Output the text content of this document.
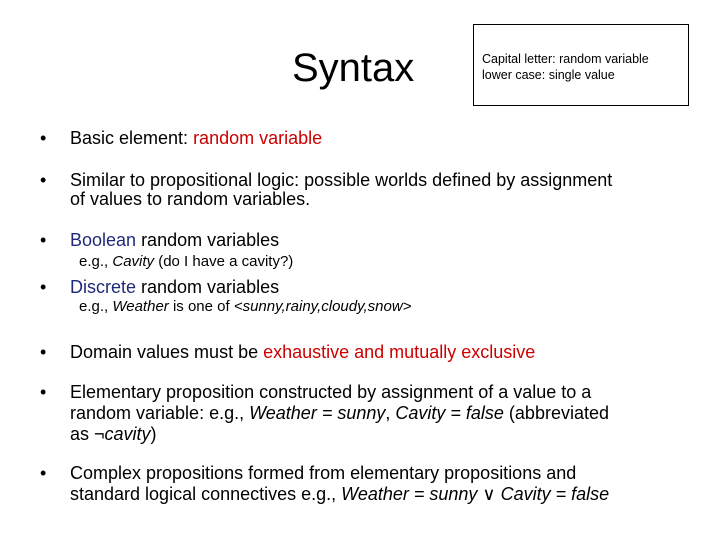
Syntax	Capital letter: random variable
lower case: single value
• Basic element: random variable
• Similar to propositional logic: possible worlds defined by assignment
of values to random variables.
• Boolean random variables
e.g., Cavity (do I have a cavity?)
• Discrete random variables
e.g., Weather is one of <sunny,rainy,cloudy,snow>
• Domain values must be exhaustive and mutually exclusive
• Elementary proposition constructed by assignment of a value to a
random variable: e.g., Weather = sunny, Cavity = false (abbreviated
as ¬cavity)
• Complex propositions formed from elementary propositions and
standard logical connectives e.g., Weather = sunny ∨ Cavity = false
